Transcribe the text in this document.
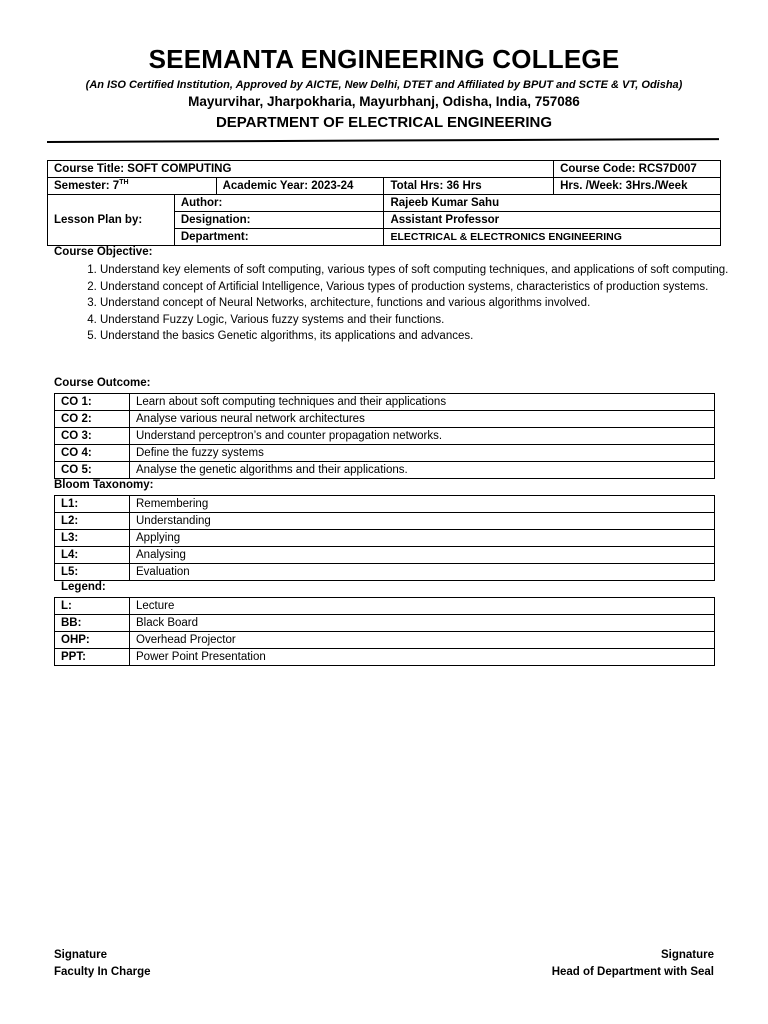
SEEMANTA ENGINEERING COLLEGE
(An ISO Certified Institution, Approved by AICTE, New Delhi, DTET and Affiliated by BPUT and SCTE & VT, Odisha)
Mayurvihar, Jharpokharia, Mayurbhanj, Odisha, India, 757086
DEPARTMENT OF ELECTRICAL ENGINEERING
Course Title: SOFT COMPUTING				Course Code: RCS7D007
Semester: 7TH		Academic Year: 2023-24	Total Hrs: 36 Hrs	Hrs. /Week: 3Hrs./Week
Lesson Plan by:	Author:		Rajeeb Kumar Sahu	
	Designation:		Assistant Professor	
	Department:		ELECTRICAL & ELECTRONICS ENGINEERING	
Course Objective:
1. Understand key elements of soft computing, various types of soft computing techniques, and applications of soft computing.
2. Understand concept of Artificial Intelligence, Various types of production systems, characteristics of production systems.
3. Understand concept of Neural Networks, architecture, functions and various algorithms involved.
4. Understand Fuzzy Logic, Various fuzzy systems and their functions.
5. Understand the basics Genetic algorithms, its applications and advances.
Course Outcome:
CO 1:	Learn about soft computing techniques and their applications
CO 2:	Analyse various neural network architectures
CO 3:	Understand perceptron’s and counter propagation networks.
CO 4:	Define the fuzzy systems
CO 5:	Analyse the genetic algorithms and their applications.
Bloom Taxonomy:
L1:	Remembering
L2:	Understanding
L3:	Applying
L4:	Analysing
L5:	Evaluation
Legend:
L:	Lecture
BB:	Black Board
OHP:	Overhead Projector
PPT:	Power Point Presentation
Signature
Faculty In Charge
Signature
Head of Department with Seal
